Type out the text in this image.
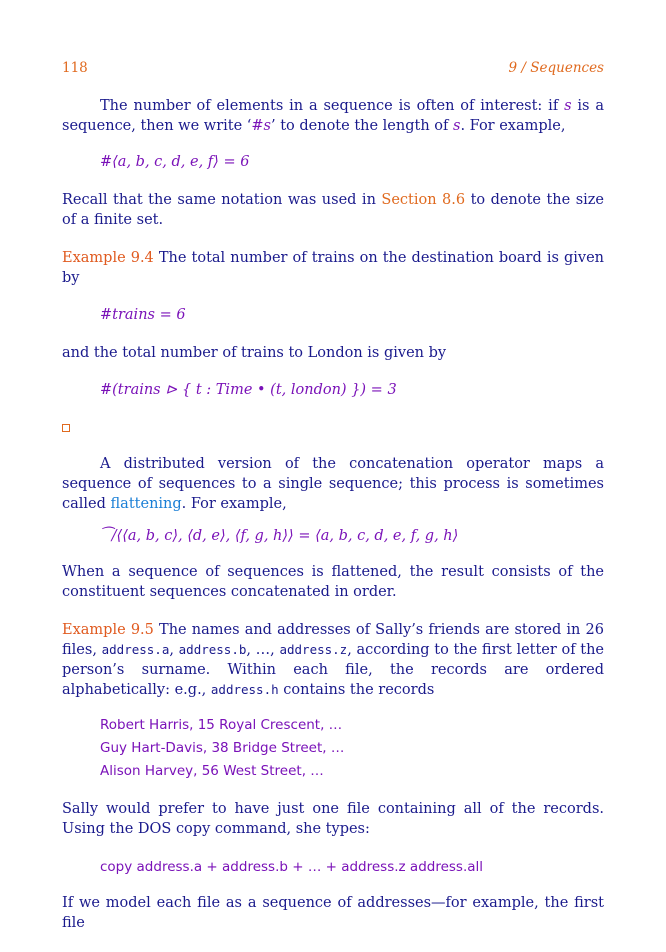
118	9 / Sequences

The number of elements in a sequence is often of interest: if s is a sequence, then we write ‘#s’ to denote the length of s. For example,

#⟨a, b, c, d, e, f⟩ = 6

Recall that the same notation was used in Section 8.6 to denote the size of a finite set.

Example 9.4 The total number of trains on the destination board is given by

#trains = 6

and the total number of trains to London is given by

#(trains ⊳ { t : Time • (t, london) }) = 3

A distributed version of the concatenation operator maps a sequence of sequences to a single sequence; this process is sometimes called flattening. For example,

⁀/⟨⟨a, b, c⟩, ⟨d, e⟩, ⟨f, g, h⟩⟩ = ⟨a, b, c, d, e, f, g, h⟩

When a sequence of sequences is flattened, the result consists of the constituent sequences concatenated in order.

Example 9.5 The names and addresses of Sally’s friends are stored in 26 files, address.a, address.b, …, address.z, according to the first letter of the person’s surname. Within each file, the records are ordered alphabetically: e.g., address.h contains the records

Robert Harris, 15 Royal Crescent, …
Guy Hart-Davis, 38 Bridge Street, …
Alison Harvey, 56 West Street, …

Sally would prefer to have just one file containing all of the records. Using the DOS copy command, she types:

copy address.a + address.b + … + address.z address.all

If we model each file as a sequence of addresses—for example, the first file
